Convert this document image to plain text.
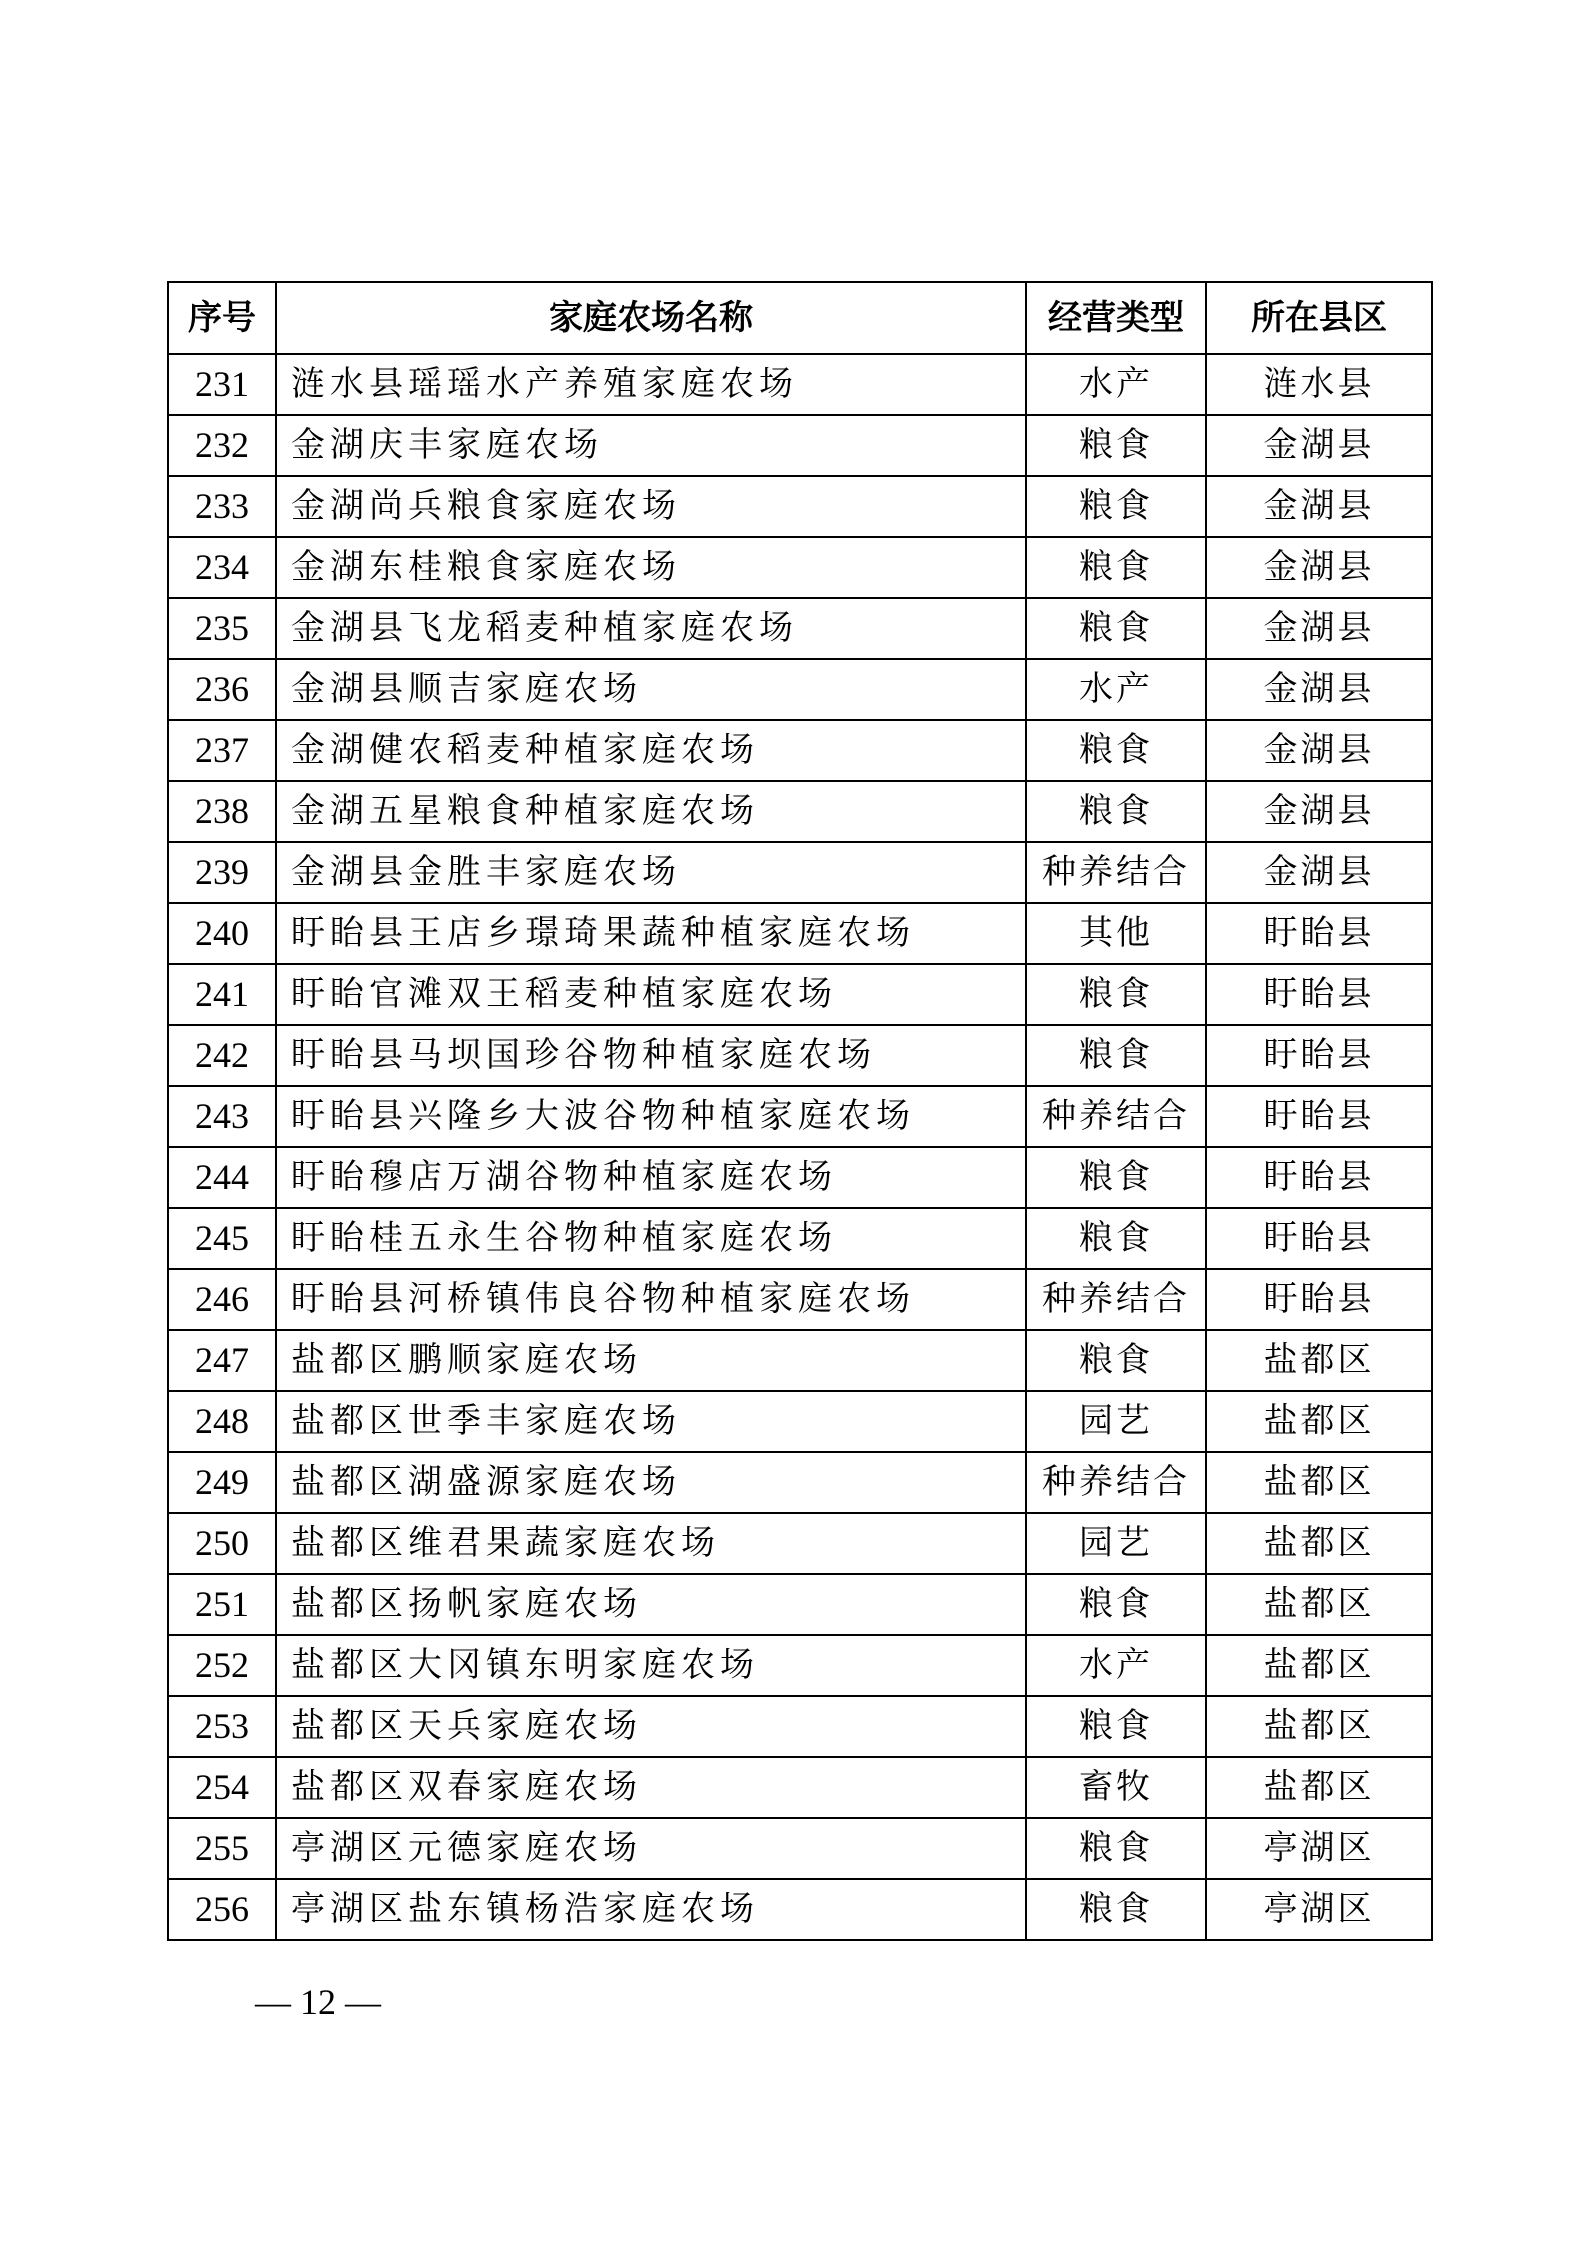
序号	家庭农场名称	经营类型	所在县区
231	涟水县瑶瑶水产养殖家庭农场	水产	涟水县
232	金湖庆丰家庭农场	粮食	金湖县
233	金湖尚兵粮食家庭农场	粮食	金湖县
234	金湖东桂粮食家庭农场	粮食	金湖县
235	金湖县飞龙稻麦种植家庭农场	粮食	金湖县
236	金湖县顺吉家庭农场	水产	金湖县
237	金湖健农稻麦种植家庭农场	粮食	金湖县
238	金湖五星粮食种植家庭农场	粮食	金湖县
239	金湖县金胜丰家庭农场	种养结合	金湖县
240	盱眙县王店乡璟琦果蔬种植家庭农场	其他	盱眙县
241	盱眙官滩双王稻麦种植家庭农场	粮食	盱眙县
242	盱眙县马坝国珍谷物种植家庭农场	粮食	盱眙县
243	盱眙县兴隆乡大波谷物种植家庭农场	种养结合	盱眙县
244	盱眙穆店万湖谷物种植家庭农场	粮食	盱眙县
245	盱眙桂五永生谷物种植家庭农场	粮食	盱眙县
246	盱眙县河桥镇伟良谷物种植家庭农场	种养结合	盱眙县
247	盐都区鹏顺家庭农场	粮食	盐都区
248	盐都区世季丰家庭农场	园艺	盐都区
249	盐都区湖盛源家庭农场	种养结合	盐都区
250	盐都区维君果蔬家庭农场	园艺	盐都区
251	盐都区扬帆家庭农场	粮食	盐都区
252	盐都区大冈镇东明家庭农场	水产	盐都区
253	盐都区天兵家庭农场	粮食	盐都区
254	盐都区双春家庭农场	畜牧	盐都区
255	亭湖区元德家庭农场	粮食	亭湖区
256	亭湖区盐东镇杨浩家庭农场	粮食	亭湖区
— 12 —
